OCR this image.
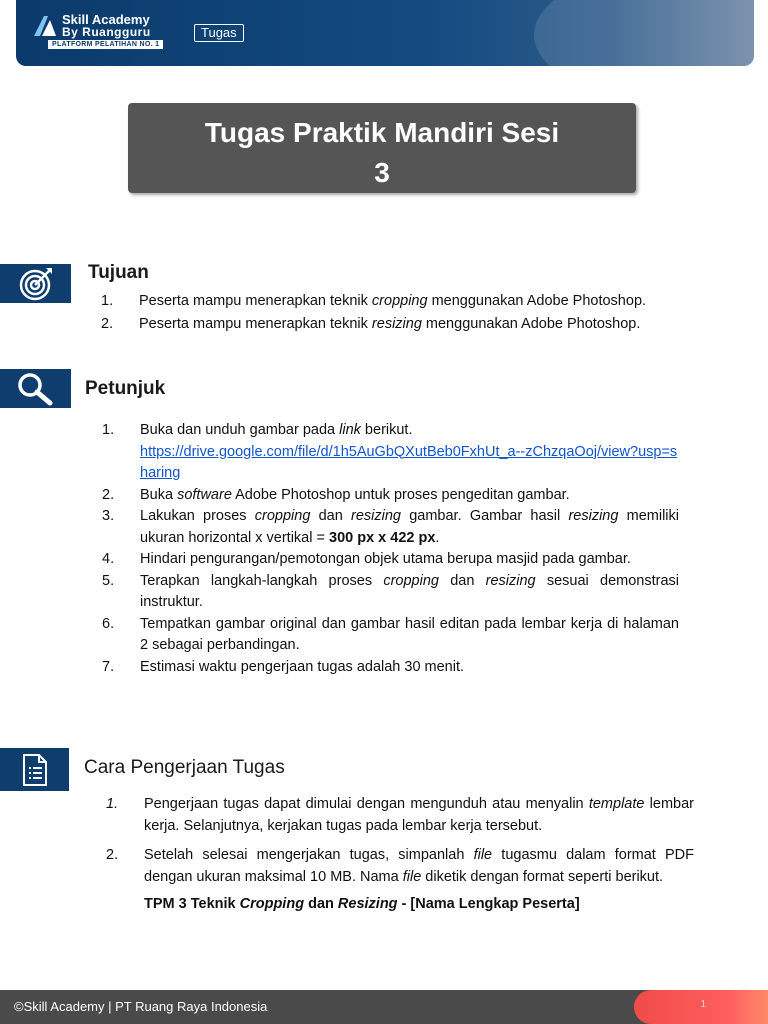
Skill Academy
By Ruangguru
PLATFORM PELATIHAN NO. 1
Tugas
Tugas Praktik Mandiri Sesi
3
Tujuan
1.	Peserta mampu menerapkan teknik cropping menggunakan Adobe Photoshop.
2.	Peserta mampu menerapkan teknik resizing menggunakan Adobe Photoshop.
Petunjuk
1.	Buka dan unduh gambar pada link berikut.
https://drive.google.com/file/d/1h5AuGbQXutBeb0FxhUt_a--zChzqaOoj/view?usp=sharing
2.	Buka software Adobe Photoshop untuk proses pengeditan gambar.
3.	Lakukan proses cropping dan resizing gambar. Gambar hasil resizing memiliki ukuran horizontal x vertikal = 300 px x 422 px.
4.	Hindari pengurangan/pemotongan objek utama berupa masjid pada gambar.
5.	Terapkan langkah-langkah proses cropping dan resizing sesuai demonstrasi instruktur.
6.	Tempatkan gambar original dan gambar hasil editan pada lembar kerja di halaman 2 sebagai perbandingan.
7.	Estimasi waktu pengerjaan tugas adalah 30 menit.
Cara Pengerjaan Tugas
1.	Pengerjaan tugas dapat dimulai dengan mengunduh atau menyalin template lembar kerja. Selanjutnya, kerjakan tugas pada lembar kerja tersebut.
2.	Setelah selesai mengerjakan tugas, simpanlah file tugasmu dalam format PDF dengan ukuran maksimal 10 MB. Nama file diketik dengan format seperti berikut.
TPM 3 Teknik Cropping dan Resizing - [Nama Lengkap Peserta]
©Skill Academy | PT Ruang Raya Indonesia	1
